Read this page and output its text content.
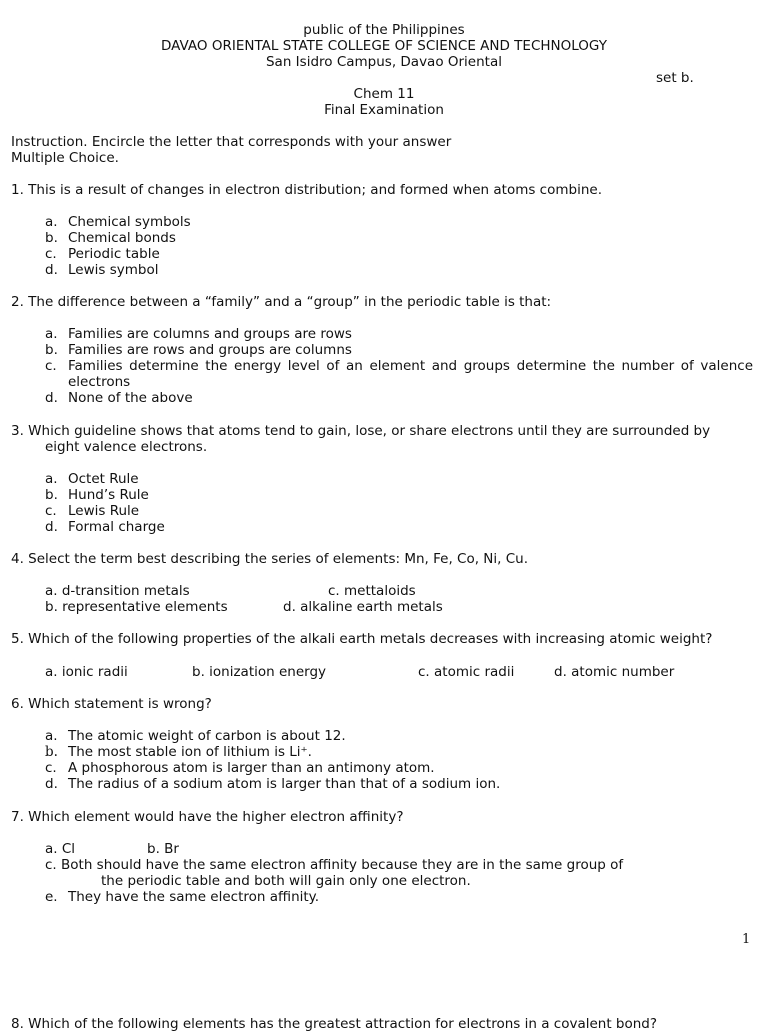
public of the Philippines
DAVAO ORIENTAL STATE COLLEGE OF SCIENCE AND TECHNOLOGY
San Isidro Campus, Davao Oriental
set b.
Chem 11
Final Examination
Instruction. Encircle the letter that corresponds with your answer
Multiple Choice.
1. This is a result of changes in electron distribution; and formed when atoms combine.
a. Chemical symbols
b. Chemical bonds
c. Periodic table
d. Lewis symbol
2. The difference between a “family” and a “group” in the periodic table is that:
a. Families are columns and groups are rows
b. Families are rows and groups are columns
c. Families determine the energy level of an element and groups determine the number of valence electrons
d. None of the above
3. Which guideline shows that atoms tend to gain, lose, or share electrons until they are surrounded by
eight valence electrons.
a. Octet Rule
b. Hund’s Rule
c. Lewis Rule
d. Formal charge
4. Select the term best describing the series of elements: Mn, Fe, Co, Ni, Cu.
a. d-transition metals	c. mettaloids
b. representative elements	d. alkaline earth metals
5. Which of the following properties of the alkali earth metals decreases with increasing atomic weight?
a. ionic radii	b. ionization energy	c. atomic radii	d. atomic number
6. Which statement is wrong?
a. The atomic weight of carbon is about 12.
b. The most stable ion of lithium is Li⁺.
c. A phosphorous atom is larger than an antimony atom.
d. The radius of a sodium atom is larger than that of a sodium ion.
7. Which element would have the higher electron affinity?
a. Cl	b. Br
c. Both should have the same electron affinity because they are in the same group of
the periodic table and both will gain only one electron.
e. They have the same electron affinity.
1
8. Which of the following elements has the greatest attraction for electrons in a covalent bond?
